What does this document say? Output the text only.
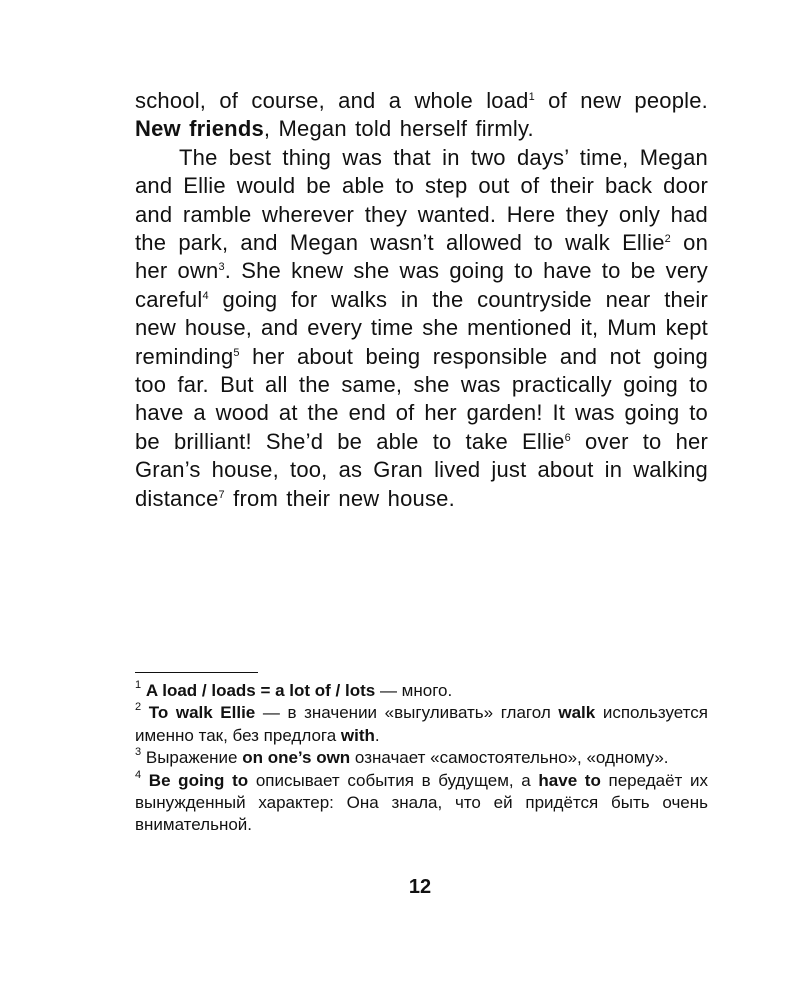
school, of course, and a whole load$^1$ of new people. New friends, Megan told herself firmly.

The best thing was that in two days’ time, Megan and Ellie would be able to step out of their back door and ramble wherever they wanted. Here they only had the park, and Megan wasn’t allowed to walk Ellie$^2$ on her own$^3$. She knew she was going to have to be very careful$^4$ going for walks in the countryside near their new house, and every time she mentioned it, Mum kept reminding$^5$ her about being responsible and not going too far. But all the same, she was practically going to have a wood at the end of her garden! It was going to be brilliant! She’d be able to take Ellie$^6$ over to her Gran’s house, too, as Gran lived just about in walking distance$^7$ from their new house.

$^1$ A load / loads = a lot of / lots — много.

$^2$ To walk Ellie — в значении «выгуливать» глагол walk используется именно так, без предлога with.

$^3$ Выражение on one’s own означает «самостоятельно», «одному».

$^4$ Be going to описывает события в будущем, а have to передаёт их вынужденный характер: Она знала, что ей придётся быть очень внимательной.

12
